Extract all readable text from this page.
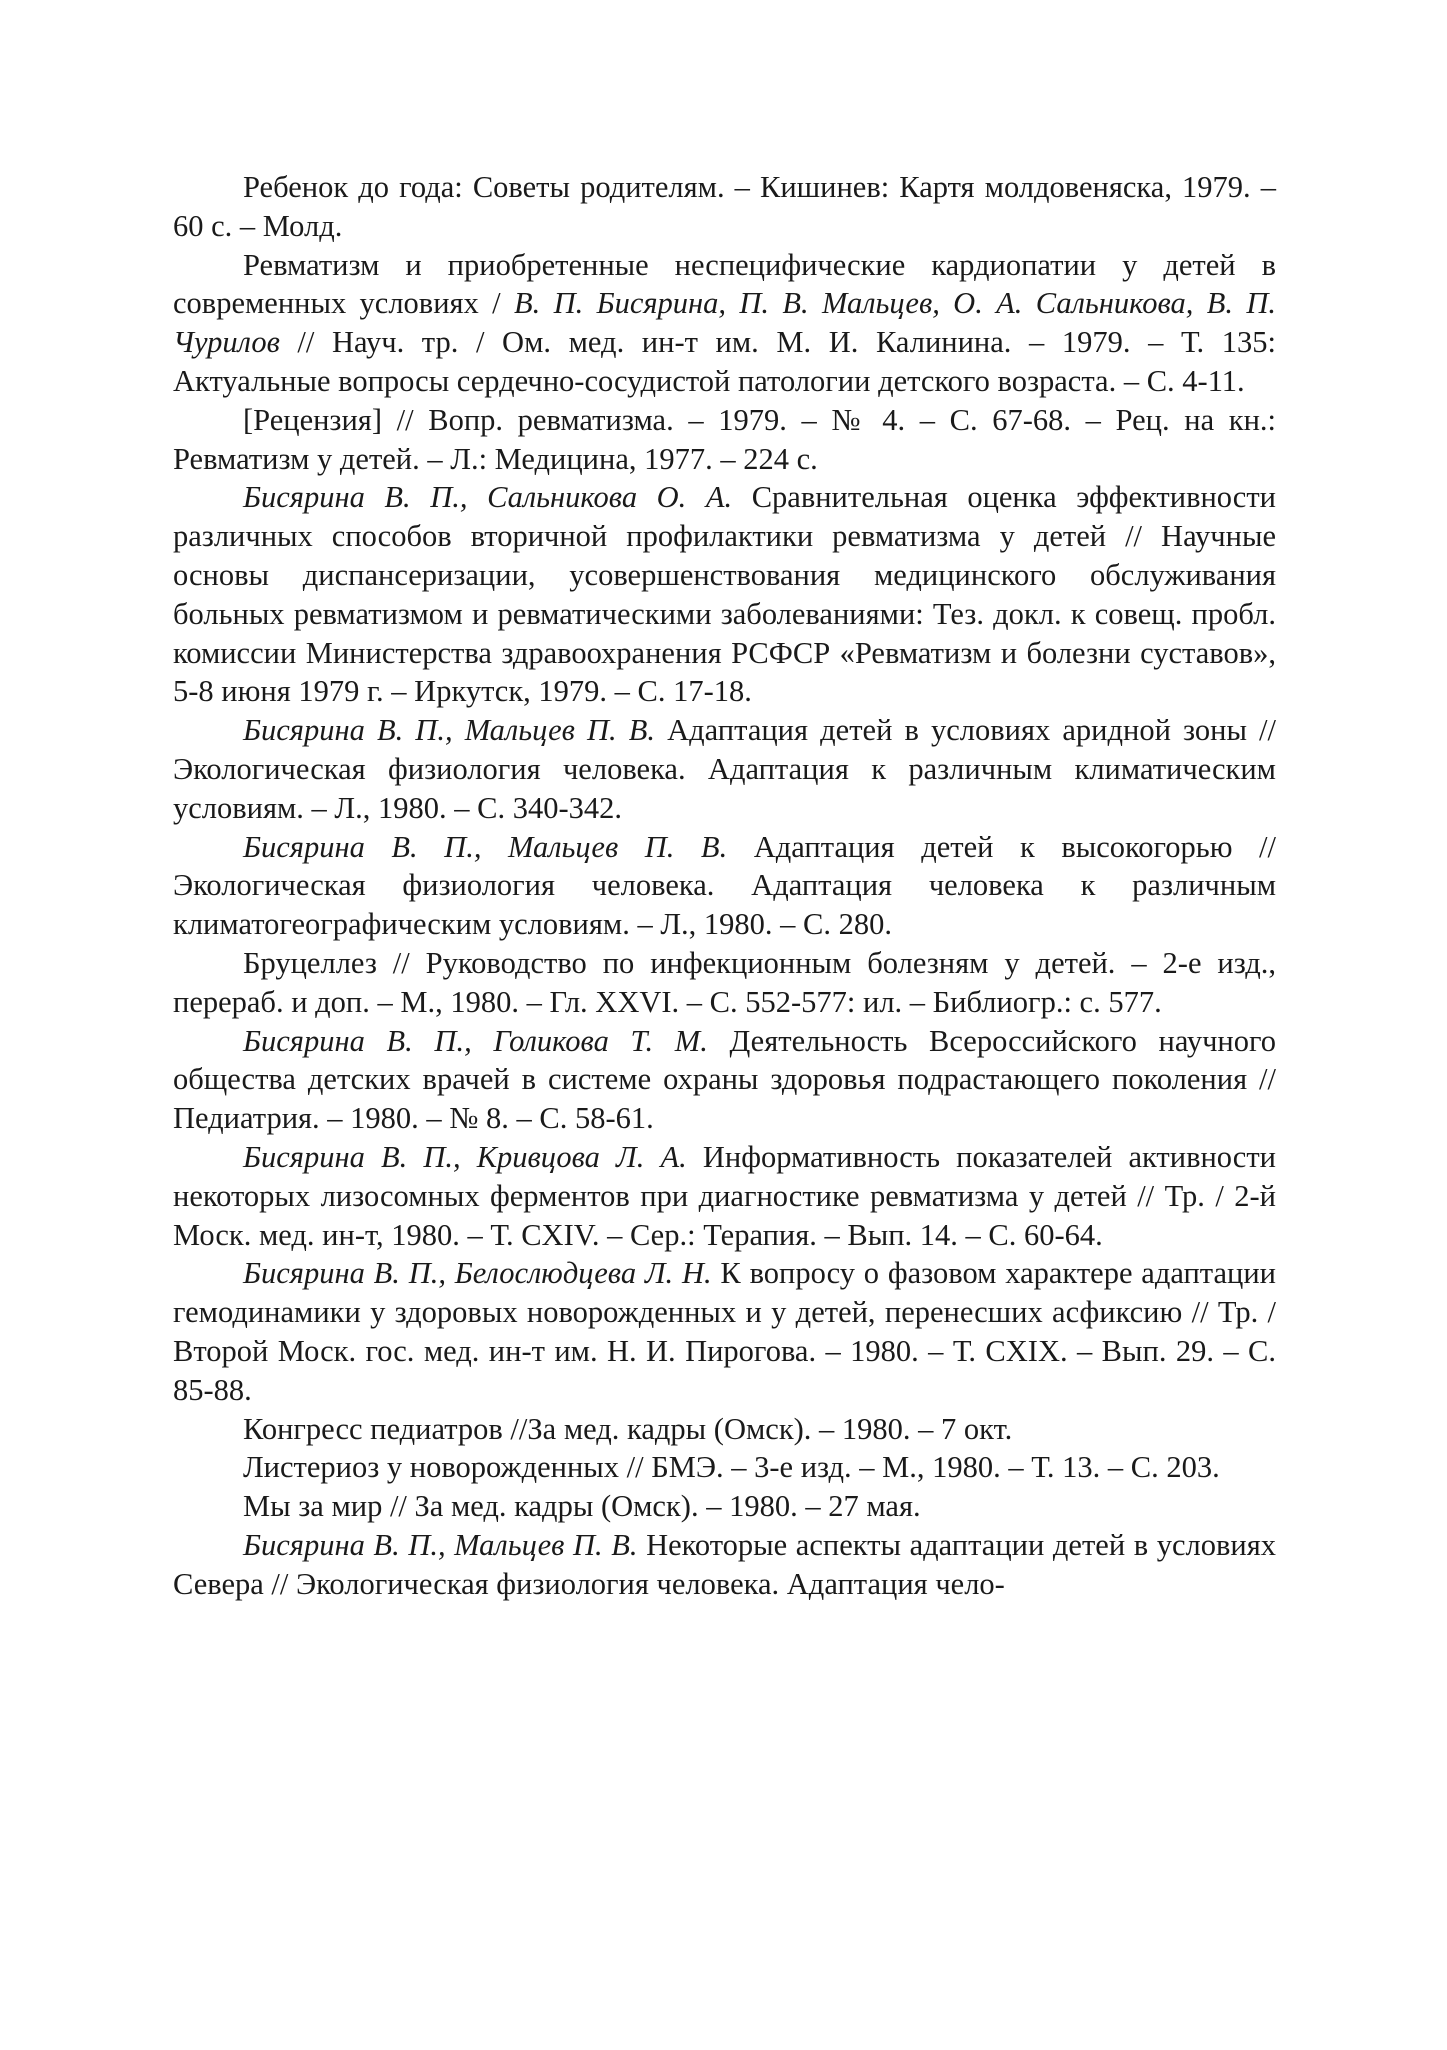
Ребенок до года: Советы родителям. – Кишинев: Картя молдовеняска, 1979. – 60 с. – Молд.

Ревматизм и приобретенные неспецифические кардиопатии у детей в современных условиях / В. П. Бисярина, П. В. Мальцев, О. А. Сальникова, В. П. Чурилов // Науч. тр. / Ом. мед. ин-т им. М. И. Калинина. – 1979. – Т. 135: Актуальные вопросы сердечно-сосудистой патологии детского возраста. – С. 4-11.

[Рецензия] // Вопр. ревматизма. – 1979. – № 4. – С. 67-68. – Рец. на кн.: Ревматизм у детей. – Л.: Медицина, 1977. – 224 с.

Бисярина В. П., Сальникова О. А. Сравнительная оценка эффективности различных способов вторичной профилактики ревматизма у детей // Научные основы диспансеризации, усовершенствования медицинского обслуживания больных ревматизмом и ревматическими заболеваниями: Тез. докл. к совещ. пробл. комиссии Министерства здравоохранения РСФСР «Ревматизм и болезни суставов», 5-8 июня 1979 г. – Иркутск, 1979. – С. 17-18.

Бисярина В. П., Мальцев П. В. Адаптация детей в условиях аридной зоны // Экологическая физиология человека. Адаптация к различным климатическим условиям. – Л., 1980. – С. 340-342.

Бисярина В. П., Мальцев П. В. Адаптация детей к высокогорью // Экологическая физиология человека. Адаптация человека к различным климатогеографическим условиям. – Л., 1980. – С. 280.

Бруцеллез // Руководство по инфекционным болезням у детей. – 2-е изд., перераб. и доп. – М., 1980. – Гл. XXVI. – С. 552-577: ил. – Библиогр.: с. 577.

Бисярина В. П., Голикова Т. М. Деятельность Всероссийского научного общества детских врачей в системе охраны здоровья подрастающего поколения // Педиатрия. – 1980. – № 8. – С. 58-61.

Бисярина В. П., Кривцова Л. А. Информативность показателей активности некоторых лизосомных ферментов при диагностике ревматизма у детей // Тр. / 2-й Моск. мед. ин-т, 1980. – Т. CXIV. – Сер.: Терапия. – Вып. 14. – С. 60-64.

Бисярина В. П., Белослюдцева Л. Н. К вопросу о фазовом характере адаптации гемодинамики у здоровых новорожденных и у детей, перенесших асфиксию // Тр. / Второй Моск. гос. мед. ин-т им. Н. И. Пирогова. – 1980. – Т. CXIX. – Вып. 29. – С. 85-88.

Конгресс педиатров //За мед. кадры (Омск). – 1980. – 7 окт.

Листериоз у новорожденных // БМЭ. – 3-е изд. – М., 1980. – Т. 13. – С. 203.

Мы за мир // За мед. кадры (Омск). – 1980. – 27 мая.

Бисярина В. П., Мальцев П. В. Некоторые аспекты адаптации детей в условиях Севера // Экологическая физиология человека. Адаптация чело-
